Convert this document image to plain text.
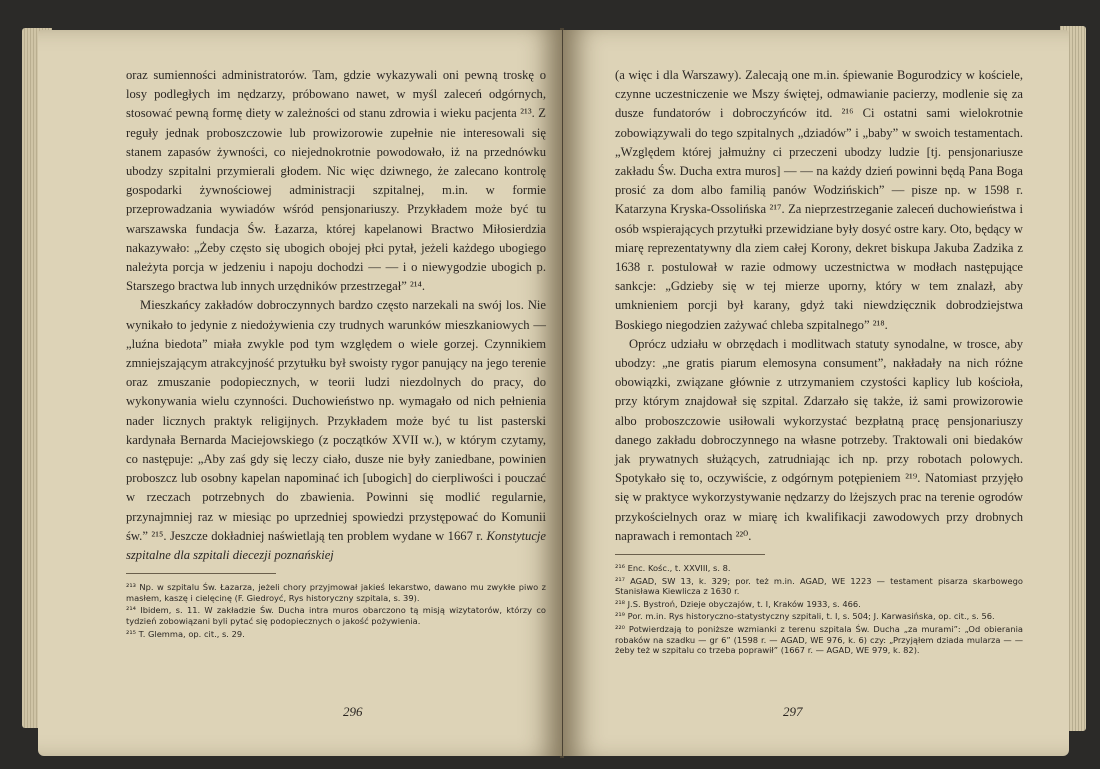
oraz sumienności administratorów. Tam, gdzie wykazywali oni pewną troskę o losy podległych im nędzarzy, próbowano nawet, w myśl zaleceń odgórnych, stosować pewną formę diety w zależności od stanu zdrowia i wieku pacjenta ²¹³. Z reguły jednak proboszczowie lub prowizorowie zupełnie nie interesowali się stanem zapasów żywności, co niejednokrotnie powodowało, iż na przednówku ubodzy szpitalni przymierali głodem. Nic więc dziwnego, że zalecano kontrolę gospodarki żywnościowej administracji szpitalnej, m.in. w formie przeprowadzania wywiadów wśród pensjonariuszy. Przykładem może być tu warszawska fundacja Św. Łazarza, której kapelanowi Bractwo Miłosierdzia nakazywało: „Żeby często się ubogich obojej płci pytał, jeżeli każdego ubogiego należyta porcja w jedzeniu i napoju dochodzi — — i o niewygodzie ubogich p. Starszego bractwa lub innych urzędników przestrzegał” ²¹⁴.

Mieszkańcy zakładów dobroczynnych bardzo często narzekali na swój los. Nie wynikało to jedynie z niedożywienia czy trudnych warunków mieszkaniowych — „luźna biedota” miała zwykle pod tym względem o wiele gorzej. Czynnikiem zmniejszającym atrakcyjność przytułku był swoisty rygor panujący na jego terenie oraz zmuszanie podopiecznych, w teorii ludzi niezdolnych do pracy, do wykonywania wielu czynności. Duchowieństwo np. wymagało od nich pełnienia nader licznych praktyk religijnych. Przykładem może być tu list pasterski kardynała Bernarda Maciejowskiego (z początków XVII w.), w którym czytamy, co następuje: „Aby zaś gdy się leczy ciało, dusze nie były zaniedbane, powinien proboszcz lub osobny kapelan napominać ich [ubogich] do cierpliwości i pouczać w rzeczach potrzebnych do zbawienia. Powinni się modlić regularnie, przynajmniej raz w miesiąc po uprzedniej spowiedzi przystępować do Komunii św.” ²¹⁵. Jeszcze dokładniej naświetlają ten problem wydane w 1667 r. Konstytucje szpitalne dla szpitali diecezji poznańskiej

²¹³ Np. w szpitalu Św. Łazarza, jeżeli chory przyjmował jakieś lekarstwo, dawano mu zwykłe piwo z masłem, kaszę i cielęcinę (F. Giedroyć, Rys historyczny szpitala, s. 39).

²¹⁴ Ibidem, s. 11. W zakładzie Św. Ducha intra muros obarczono tą misją wizytatorów, którzy co tydzień zobowiązani byli pytać się podopiecznych o jakość pożywienia.

²¹⁵ T. Glemma, op. cit., s. 29.

296

(a więc i dla Warszawy). Zalecają one m.in. śpiewanie Bogurodzicy w kościele, czynne uczestniczenie we Mszy świętej, odmawianie pacierzy, modlenie się za dusze fundatorów i dobroczyńców itd. ²¹⁶ Ci ostatni sami wielokrotnie zobowiązywali do tego szpitalnych „dziadów” i „baby” w swoich testamentach. „Względem której jałmużny ci przeczeni ubodzy ludzie [tj. pensjonariusze zakładu Św. Ducha extra muros] — — na każdy dzień powinni będą Pana Boga prosić za dom albo familią panów Wodzińskich” — pisze np. w 1598 r. Katarzyna Kryska-Ossolińska ²¹⁷. Za nieprzestrzeganie zaleceń duchowieństwa i osób wspierających przytułki przewidziane były dosyć ostre kary. Oto, będący w miarę reprezentatywny dla ziem całej Korony, dekret biskupa Jakuba Zadzika z 1638 r. postulował w razie odmowy uczestnictwa w modłach następujące sankcje: „Gdzieby się w tej mierze uporny, który w tem znalazł, aby umknieniem porcji był karany, gdyż taki niewdzięcznik dobrodziejstwa Boskiego niegodzien zażywać chleba szpitalnego” ²¹⁸.

Oprócz udziału w obrzędach i modlitwach statuty synodalne, w trosce, aby ubodzy: „ne gratis piarum elemosyna consument”, nakładały na nich różne obowiązki, związane głównie z utrzymaniem czystości kaplicy lub kościoła, przy którym znajdował się szpital. Zdarzało się także, iż sami prowizorowie albo proboszczowie usiłowali wykorzystać bezpłatną pracę pensjonariuszy danego zakładu dobroczynnego na własne potrzeby. Traktowali oni biedaków jak prywatnych służących, zatrudniając ich np. przy robotach polowych. Spotykało się to, oczywiście, z odgórnym potępieniem ²¹⁹. Natomiast przyjęło się w praktyce wykorzystywanie nędzarzy do lżejszych prac na terenie ogrodów przykościelnych oraz w miarę ich kwalifikacji zawodowych przy drobnych naprawach i remontach ²²⁰.

²¹⁶ Enc. Kośc., t. XXVIII, s. 8.

²¹⁷ AGAD, SW 13, k. 329; por. też m.in. AGAD, WE 1223 — testament pisarza skarbowego Stanisława Kiewlicza z 1630 r.

²¹⁸ J.S. Bystroń, Dzieje obyczajów, t. I, Kraków 1933, s. 466.

²¹⁹ Por. m.in. Rys historyczno-statystyczny szpitali, t. I, s. 504; J. Karwasińska, op. cit., s. 56.

²²⁰ Potwierdzają to poniższe wzmianki z terenu szpitala Św. Ducha „za murami”: „Od obierania robaków na szadku — gr 6” (1598 r. — AGAD, WE 976, k. 6) czy: „Przyjąłem dziada mularza — — żeby też w szpitalu co trzeba poprawił” (1667 r. — AGAD, WE 979, k. 82).

297
